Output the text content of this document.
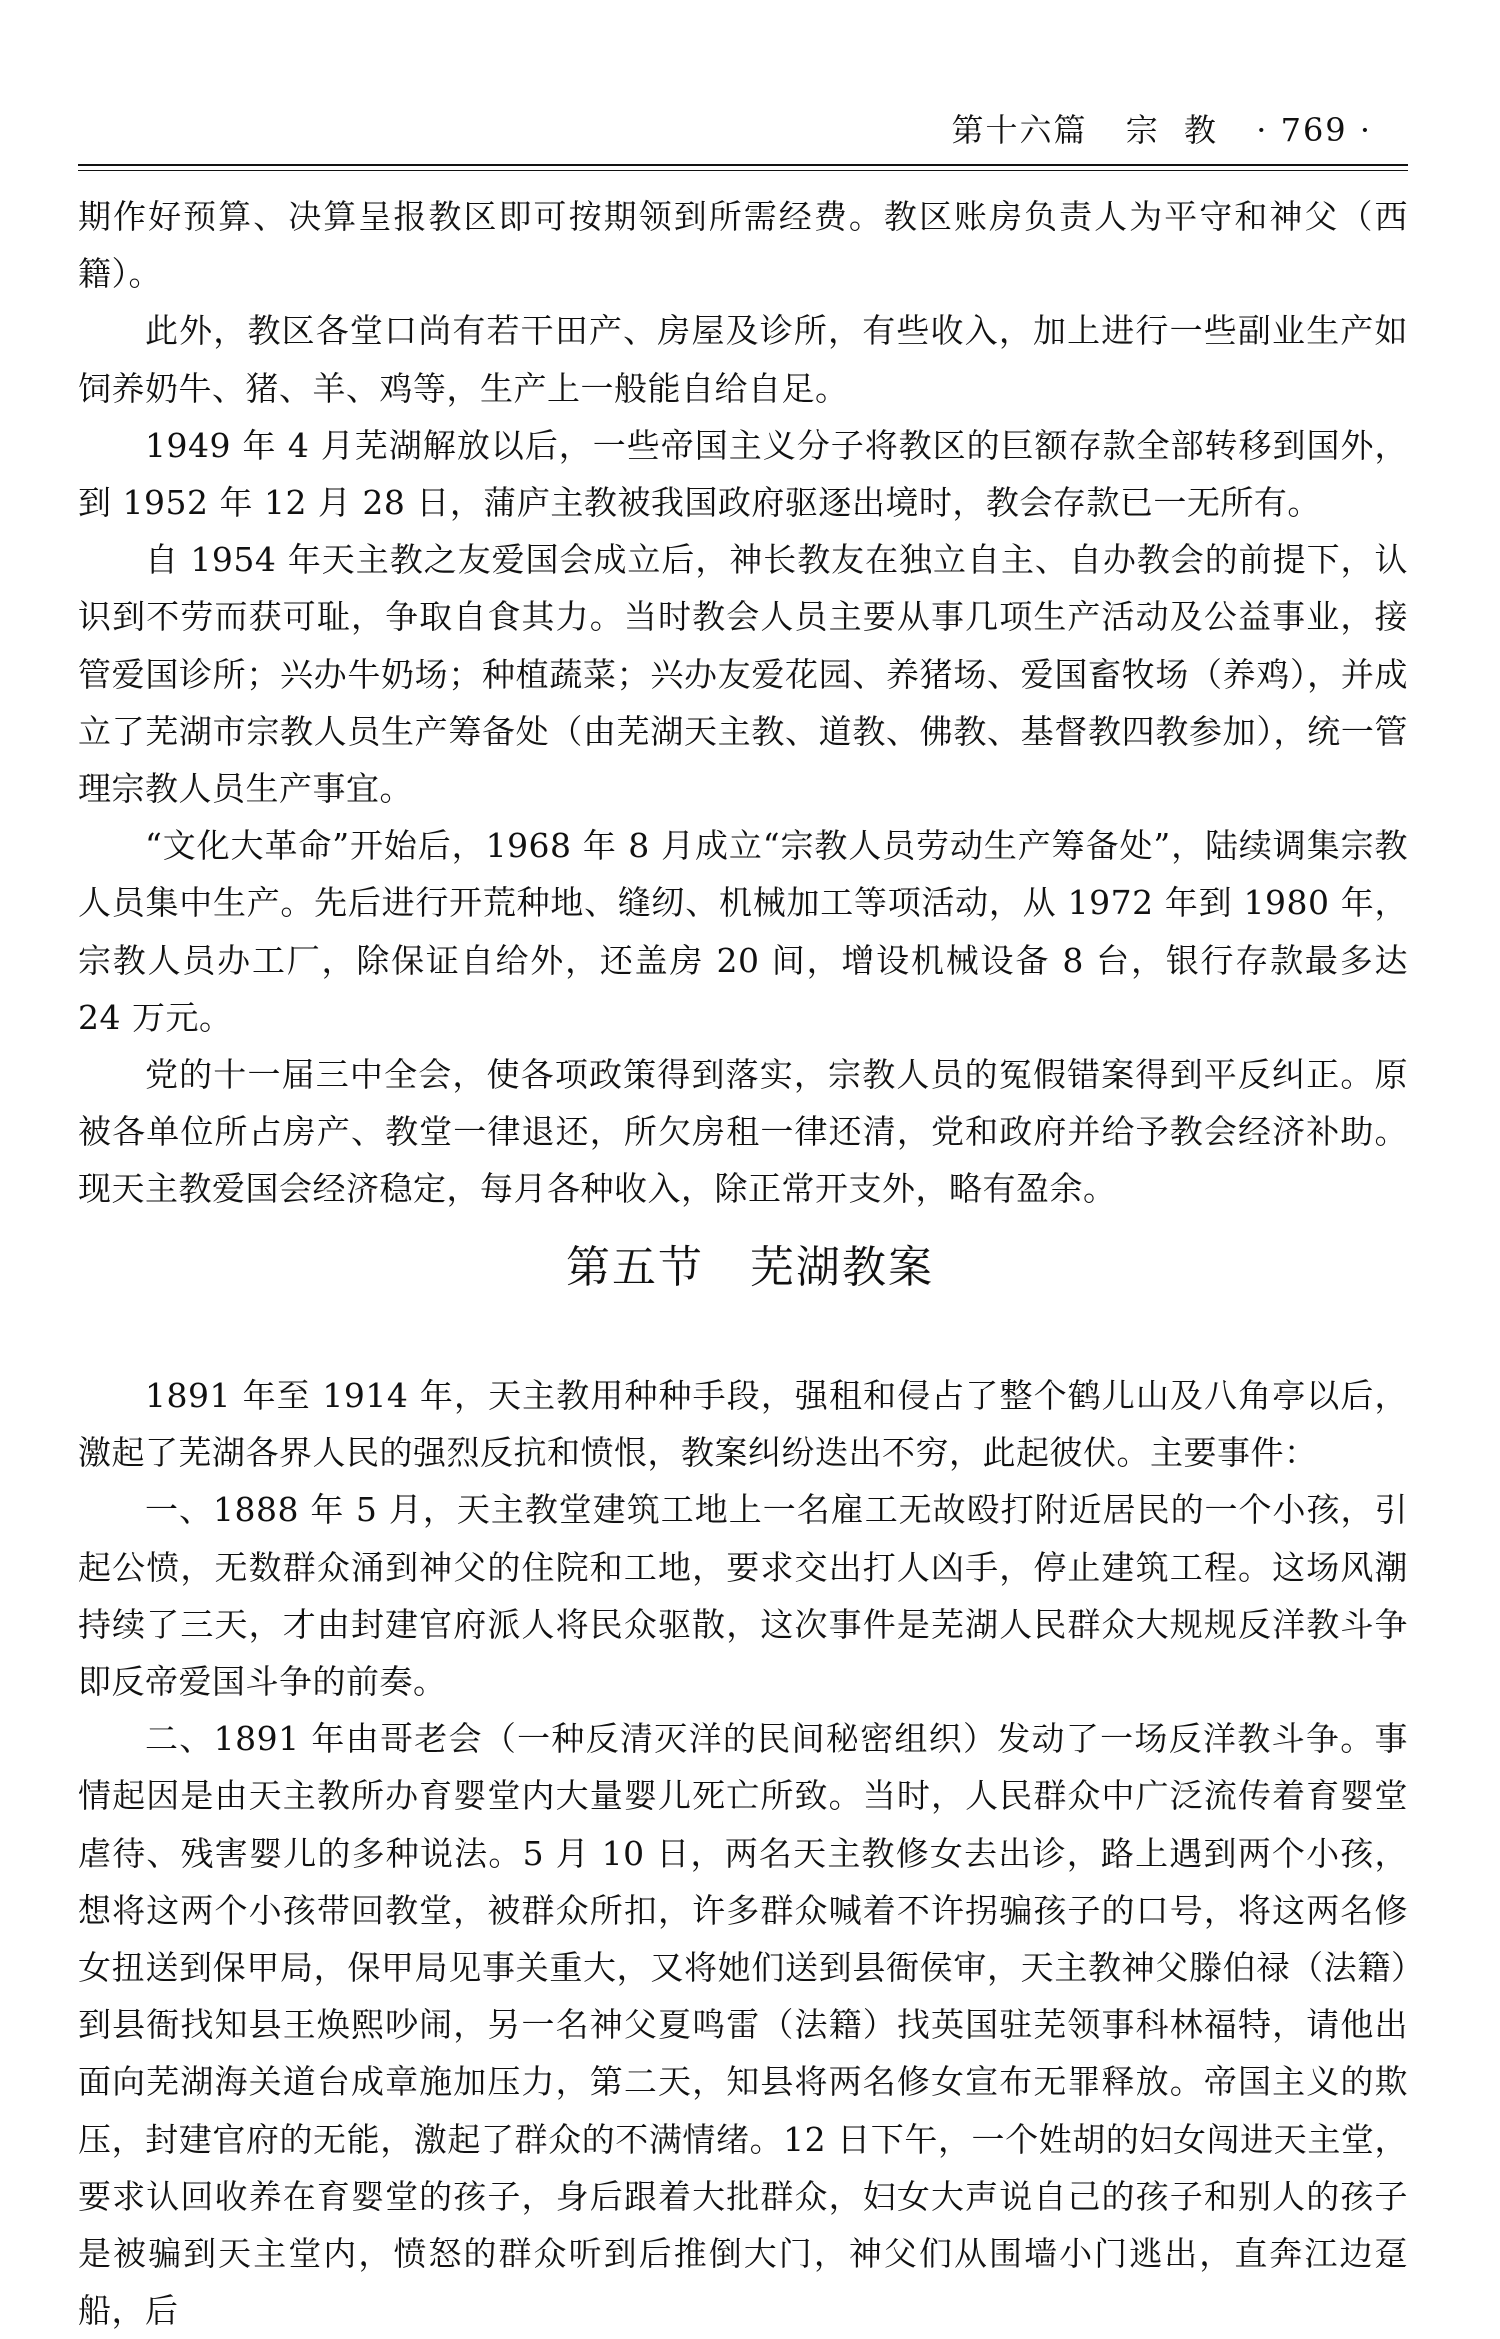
第十六篇 宗  教 · 769 ·

期作好预算、决算呈报教区即可按期领到所需经费。教区账房负责人为平守和神父（西籍）。

此外，教区各堂口尚有若干田产、房屋及诊所，有些收入，加上进行一些副业生产如饲养奶牛、猪、羊、鸡等，生产上一般能自给自足。

1949 年 4 月芜湖解放以后，一些帝国主义分子将教区的巨额存款全部转移到国外，到 1952 年 12 月 28 日，蒲庐主教被我国政府驱逐出境时，教会存款已一无所有。

自 1954 年天主教之友爱国会成立后，神长教友在独立自主、自办教会的前提下，认识到不劳而获可耻，争取自食其力。当时教会人员主要从事几项生产活动及公益事业，接管爱国诊所；兴办牛奶场；种植蔬菜；兴办友爱花园、养猪场、爱国畜牧场（养鸡），并成立了芜湖市宗教人员生产筹备处（由芜湖天主教、道教、佛教、基督教四教参加），统一管理宗教人员生产事宜。

“文化大革命”开始后，1968 年 8 月成立“宗教人员劳动生产筹备处”，陆续调集宗教人员集中生产。先后进行开荒种地、缝纫、机械加工等项活动，从 1972 年到 1980 年，宗教人员办工厂，除保证自给外，还盖房 20 间，增设机械设备 8 台，银行存款最多达 24 万元。

党的十一届三中全会，使各项政策得到落实，宗教人员的冤假错案得到平反纠正。原被各单位所占房产、教堂一律退还，所欠房租一律还清，党和政府并给予教会经济补助。现天主教爱国会经济稳定，每月各种收入，除正常开支外，略有盈余。

第五节 芜湖教案

1891 年至 1914 年，天主教用种种手段，强租和侵占了整个鹤儿山及八角亭以后，激起了芜湖各界人民的强烈反抗和愤恨，教案纠纷迭出不穷，此起彼伏。主要事件：

一、1888 年 5 月，天主教堂建筑工地上一名雇工无故殴打附近居民的一个小孩，引起公愤，无数群众涌到神父的住院和工地，要求交出打人凶手，停止建筑工程。这场风潮持续了三天，才由封建官府派人将民众驱散，这次事件是芜湖人民群众大规规反洋教斗争即反帝爱国斗争的前奏。

二、1891 年由哥老会（一种反清灭洋的民间秘密组织）发动了一场反洋教斗争。事情起因是由天主教所办育婴堂内大量婴儿死亡所致。当时，人民群众中广泛流传着育婴堂虐待、残害婴儿的多种说法。5 月 10 日，两名天主教修女去出诊，路上遇到两个小孩，想将这两个小孩带回教堂，被群众所扣，许多群众喊着不许拐骗孩子的口号，将这两名修女扭送到保甲局，保甲局见事关重大，又将她们送到县衙侯审，天主教神父滕伯禄（法籍）到县衙找知县王焕熙吵闹，另一名神父夏鸣雷（法籍）找英国驻芜领事科林福特，请他出面向芜湖海关道台成章施加压力，第二天，知县将两名修女宣布无罪释放。帝国主义的欺压，封建官府的无能，激起了群众的不满情绪。12 日下午，一个姓胡的妇女闯进天主堂，要求认回收养在育婴堂的孩子，身后跟着大批群众，妇女大声说自己的孩子和别人的孩子是被骗到天主堂内，愤怒的群众听到后推倒大门，神父们从围墙小门逃出，直奔江边趸船，后
